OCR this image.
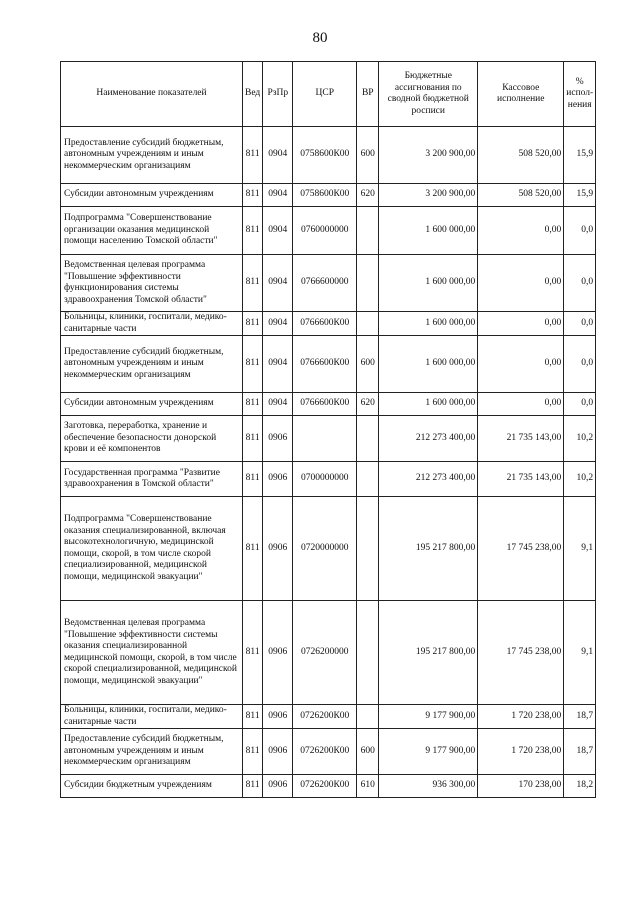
80
Наименование показателей	Вед	РзПр	ЦСР	ВР	Бюджетные ассигнования по сводной бюджетной росписи	Кассовое исполнение	% испол-нения
Предоставление субсидий бюджетным, автономным учреждениям и иным некоммерческим организациям	811	0904	0758600К00	600	3 200 900,00	508 520,00	15,9
Субсидии автономным учреждениям	811	0904	0758600К00	620	3 200 900,00	508 520,00	15,9
Подпрограмма "Совершенствование организации оказания медицинской помощи населению Томской области"	811	0904	0760000000		1 600 000,00	0,00	0,0
Ведомственная целевая программа "Повышение эффективности функционирования системы здравоохранения Томской области"	811	0904	0766600000		1 600 000,00	0,00	0,0
Больницы, клиники, госпитали, медико-санитарные части	811	0904	0766600К00		1 600 000,00	0,00	0,0
Предоставление субсидий бюджетным, автономным учреждениям и иным некоммерческим организациям	811	0904	0766600К00	600	1 600 000,00	0,00	0,0
Субсидии автономным учреждениям	811	0904	0766600К00	620	1 600 000,00	0,00	0,0
Заготовка, переработка, хранение и обеспечение безопасности донорской крови и её компонентов	811	0906			212 273 400,00	21 735 143,00	10,2
Государственная программа "Развитие здравоохранения в Томской области"	811	0906	0700000000		212 273 400,00	21 735 143,00	10,2
Подпрограмма "Совершенствование оказания специализированной, включая высокотехнологичную, медицинской помощи, скорой, в том числе скорой специализированной, медицинской помощи, медицинской эвакуации"	811	0906	0720000000		195 217 800,00	17 745 238,00	9,1
Ведомственная целевая программа "Повышение эффективности системы оказания специализированной медицинской помощи, скорой, в том числе скорой специализированной, медицинской помощи, медицинской эвакуации"	811	0906	0726200000		195 217 800,00	17 745 238,00	9,1
Больницы, клиники, госпитали, медико-санитарные части	811	0906	0726200К00		9 177 900,00	1 720 238,00	18,7
Предоставление субсидий бюджетным, автономным учреждениям и иным некоммерческим организациям	811	0906	0726200К00	600	9 177 900,00	1 720 238,00	18,7
Субсидии бюджетным учреждениям	811	0906	0726200К00	610	936 300,00	170 238,00	18,2
